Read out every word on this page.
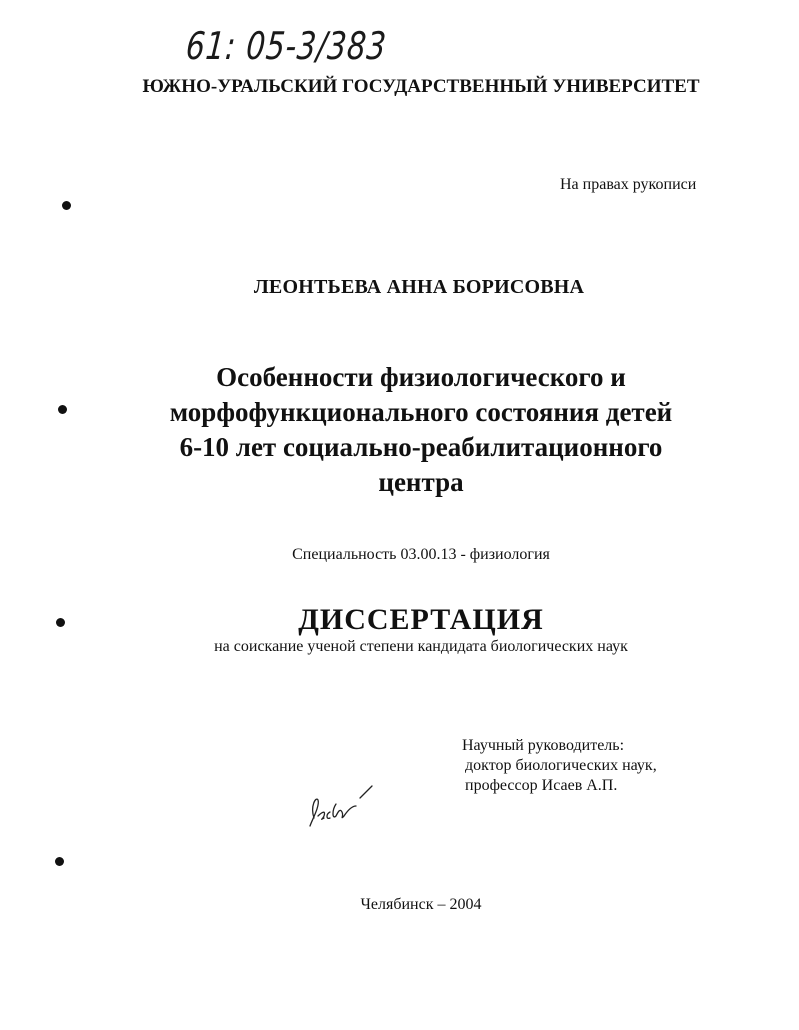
61: 05-3/383
ЮЖНО-УРАЛЬСКИЙ ГОСУДАРСТВЕННЫЙ УНИВЕРСИТЕТ
На правах рукописи
ЛЕОНТЬЕВА АННА БОРИСОВНА
Особенности физиологического и
морфофункционального состояния детей
6-10 лет социально-реабилитационного
центра
Специальность 03.00.13 - физиология
ДИССЕРТАЦИЯ
на соискание ученой степени кандидата биологических наук
Научный руководитель:
доктор биологических наук,
профессор Исаев А.П.
Челябинск – 2004
